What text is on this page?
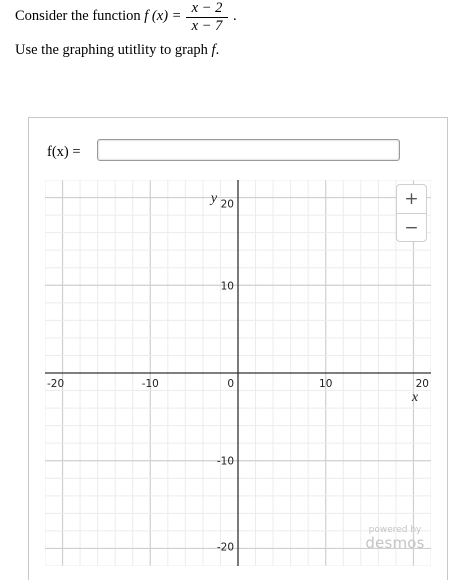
Consider the function f (x) = x − 2
x − 7
.
Use the graphing utitlity to graph f.
f(x) =
-20	-10	0	10	20
20
10
-10
-20
x
y	+
−
powered by
desmos
